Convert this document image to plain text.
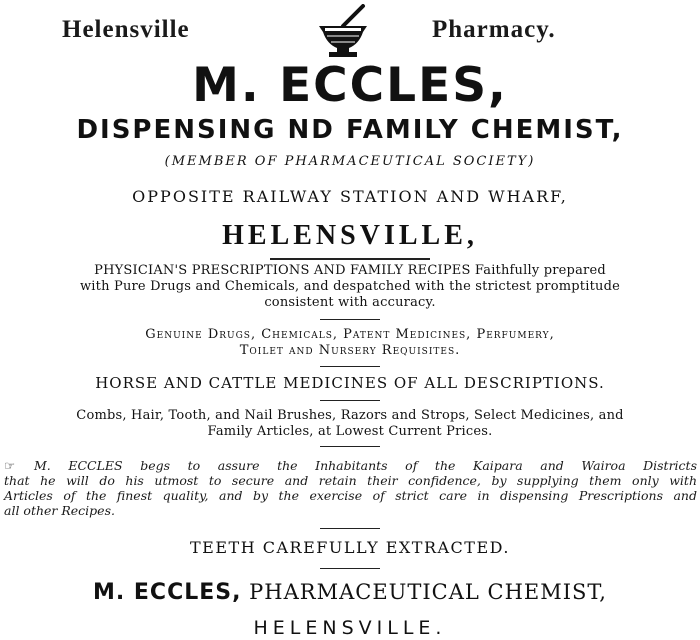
Helensville	Pharmacy.
M. ECCLES,
DISPENSING ND FAMILY CHEMIST,
(MEMBER OF PHARMACEUTICAL SOCIETY)
OPPOSITE RAILWAY STATION AND WHARF,
HELENSVILLE,
PHYSICIAN'S PRESCRIPTIONS AND FAMILY RECIPES Faithfully prepared
with Pure Drugs and Chemicals, and despatched with the strictest promptitude
consistent with accuracy.
Genuine Drugs, Chemicals, Patent Medicines, Perfumery,
Toilet and Nursery Requisites.
HORSE AND CATTLE MEDICINES OF ALL DESCRIPTIONS.
Combs, Hair, Tooth, and Nail Brushes, Razors and Strops, Select Medicines, and
Family Articles, at Lowest Current Prices.
☞ M. ECCLES begs to assure the Inhabitants of the Kaipara and Wairoa Districts
that he will do his utmost to secure and retain their confidence, by supplying them only with
Articles of the finest quality, and by the exercise of strict care in dispensing Prescriptions and
all other Recipes.
TEETH CAREFULLY EXTRACTED.
M. ECCLES, PHARMACEUTICAL CHEMIST,
HELENSVILLE.
